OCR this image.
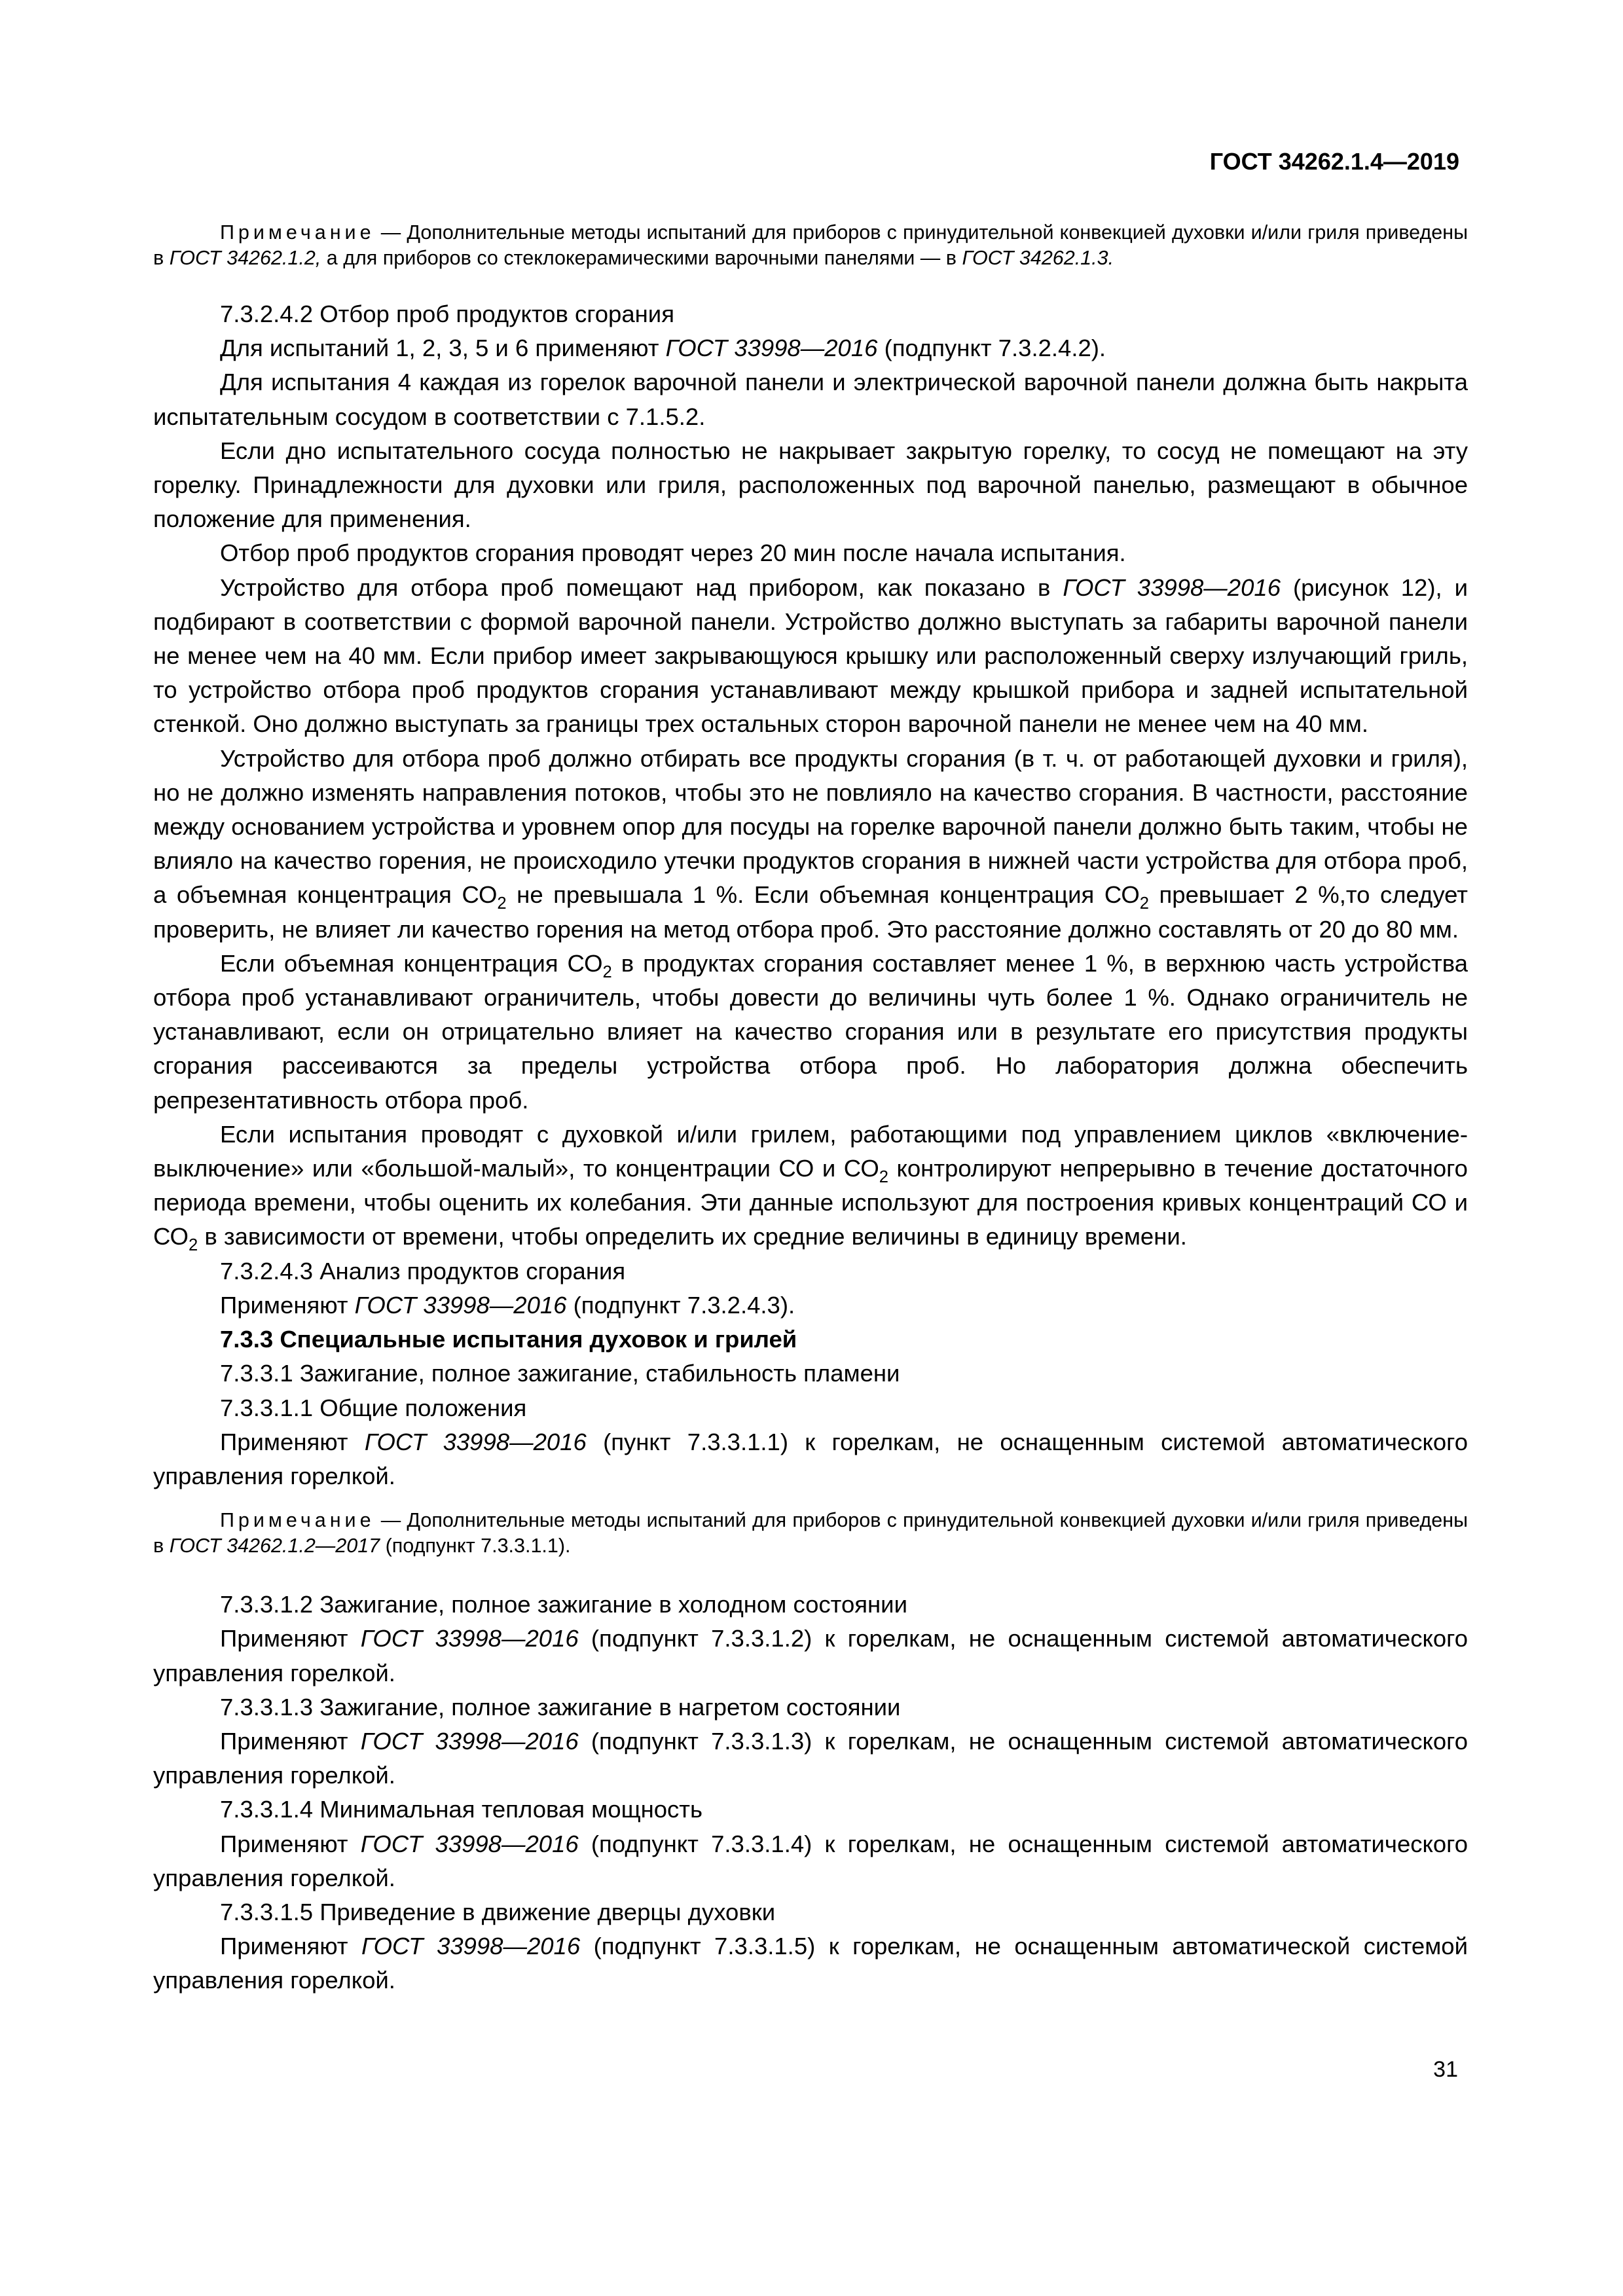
ГОСТ 34262.1.4—2019

Примечание — Дополнительные методы испытаний для приборов с принудительной конвекцией духовки и/или гриля приведены в ГОСТ 34262.1.2, а для приборов со стеклокерамическими варочными панелями — в ГОСТ 34262.1.3.

7.3.2.4.2 Отбор проб продуктов сгорания

Для испытаний 1, 2, 3, 5 и 6 применяют ГОСТ 33998—2016 (подпункт 7.3.2.4.2).

Для испытания 4 каждая из горелок варочной панели и электрической варочной панели должна быть накрыта испытательным сосудом в соответствии с 7.1.5.2.

Если дно испытательного сосуда полностью не накрывает закрытую горелку, то сосуд не помещают на эту горелку. Принадлежности для духовки или гриля, расположенных под варочной панелью, размещают в обычное положение для применения.

Отбор проб продуктов сгорания проводят через 20 мин после начала испытания.

Устройство для отбора проб помещают над прибором, как показано в ГОСТ 33998—2016 (рисунок 12), и подбирают в соответствии с формой варочной панели. Устройство должно выступать за габариты варочной панели не менее чем на 40 мм. Если прибор имеет закрывающуюся крышку или расположенный сверху излучающий гриль, то устройство отбора проб продуктов сгорания устанавливают между крышкой прибора и задней испытательной стенкой. Оно должно выступать за границы трех остальных сторон варочной панели не менее чем на 40 мм.

Устройство для отбора проб должно отбирать все продукты сгорания (в т. ч. от работающей духовки и гриля), но не должно изменять направления потоков, чтобы это не повлияло на качество сгорания. В частности, расстояние между основанием устройства и уровнем опор для посуды на горелке варочной панели должно быть таким, чтобы не влияло на качество горения, не происходило утечки продуктов сгорания в нижней части устройства для отбора проб, а объемная концентрация $СО_2$ не превышала 1 %. Если объемная концентрация $СО_2$ превышает 2 %,то следует проверить, не влияет ли качество горения на метод отбора проб. Это расстояние должно составлять от 20 до 80 мм.

Если объемная концентрация $СО_2$ в продуктах сгорания составляет менее 1 %, в верхнюю часть устройства отбора проб устанавливают ограничитель, чтобы довести до величины чуть более 1 %. Однако ограничитель не устанавливают, если он отрицательно влияет на качество сгорания или в результате его присутствия продукты сгорания рассеиваются за пределы устройства отбора проб. Но лаборатория должна обеспечить репрезентативность отбора проб.

Если испытания проводят с духовкой и/или грилем, работающими под управлением циклов «включение-выключение» или «большой-малый», то концентрации СО и $СО_2$ контролируют непрерывно в течение достаточного периода времени, чтобы оценить их колебания. Эти данные используют для построения кривых концентраций СО и $СО_2$ в зависимости от времени, чтобы определить их средние величины в единицу времени.

7.3.2.4.3 Анализ продуктов сгорания

Применяют ГОСТ 33998—2016 (подпункт 7.3.2.4.3).

7.3.3 Специальные испытания духовок и грилей

7.3.3.1 Зажигание, полное зажигание, стабильность пламени

7.3.3.1.1 Общие положения

Применяют ГОСТ 33998—2016 (пункт 7.3.3.1.1) к горелкам, не оснащенным системой автоматического управления горелкой.

Примечание — Дополнительные методы испытаний для приборов с принудительной конвекцией духовки и/или гриля приведены в ГОСТ 34262.1.2—2017 (подпункт 7.3.3.1.1).

7.3.3.1.2 Зажигание, полное зажигание в холодном состоянии

Применяют ГОСТ 33998—2016 (подпункт 7.3.3.1.2) к горелкам, не оснащенным системой автоматического управления горелкой.

7.3.3.1.3 Зажигание, полное зажигание в нагретом состоянии

Применяют ГОСТ 33998—2016 (подпункт 7.3.3.1.3) к горелкам, не оснащенным системой автоматического управления горелкой.

7.3.3.1.4 Минимальная тепловая мощность

Применяют ГОСТ 33998—2016 (подпункт 7.3.3.1.4) к горелкам, не оснащенным системой автоматического управления горелкой.

7.3.3.1.5 Приведение в движение дверцы духовки

Применяют ГОСТ 33998—2016 (подпункт 7.3.3.1.5) к горелкам, не оснащенным автоматической системой управления горелкой.

31
